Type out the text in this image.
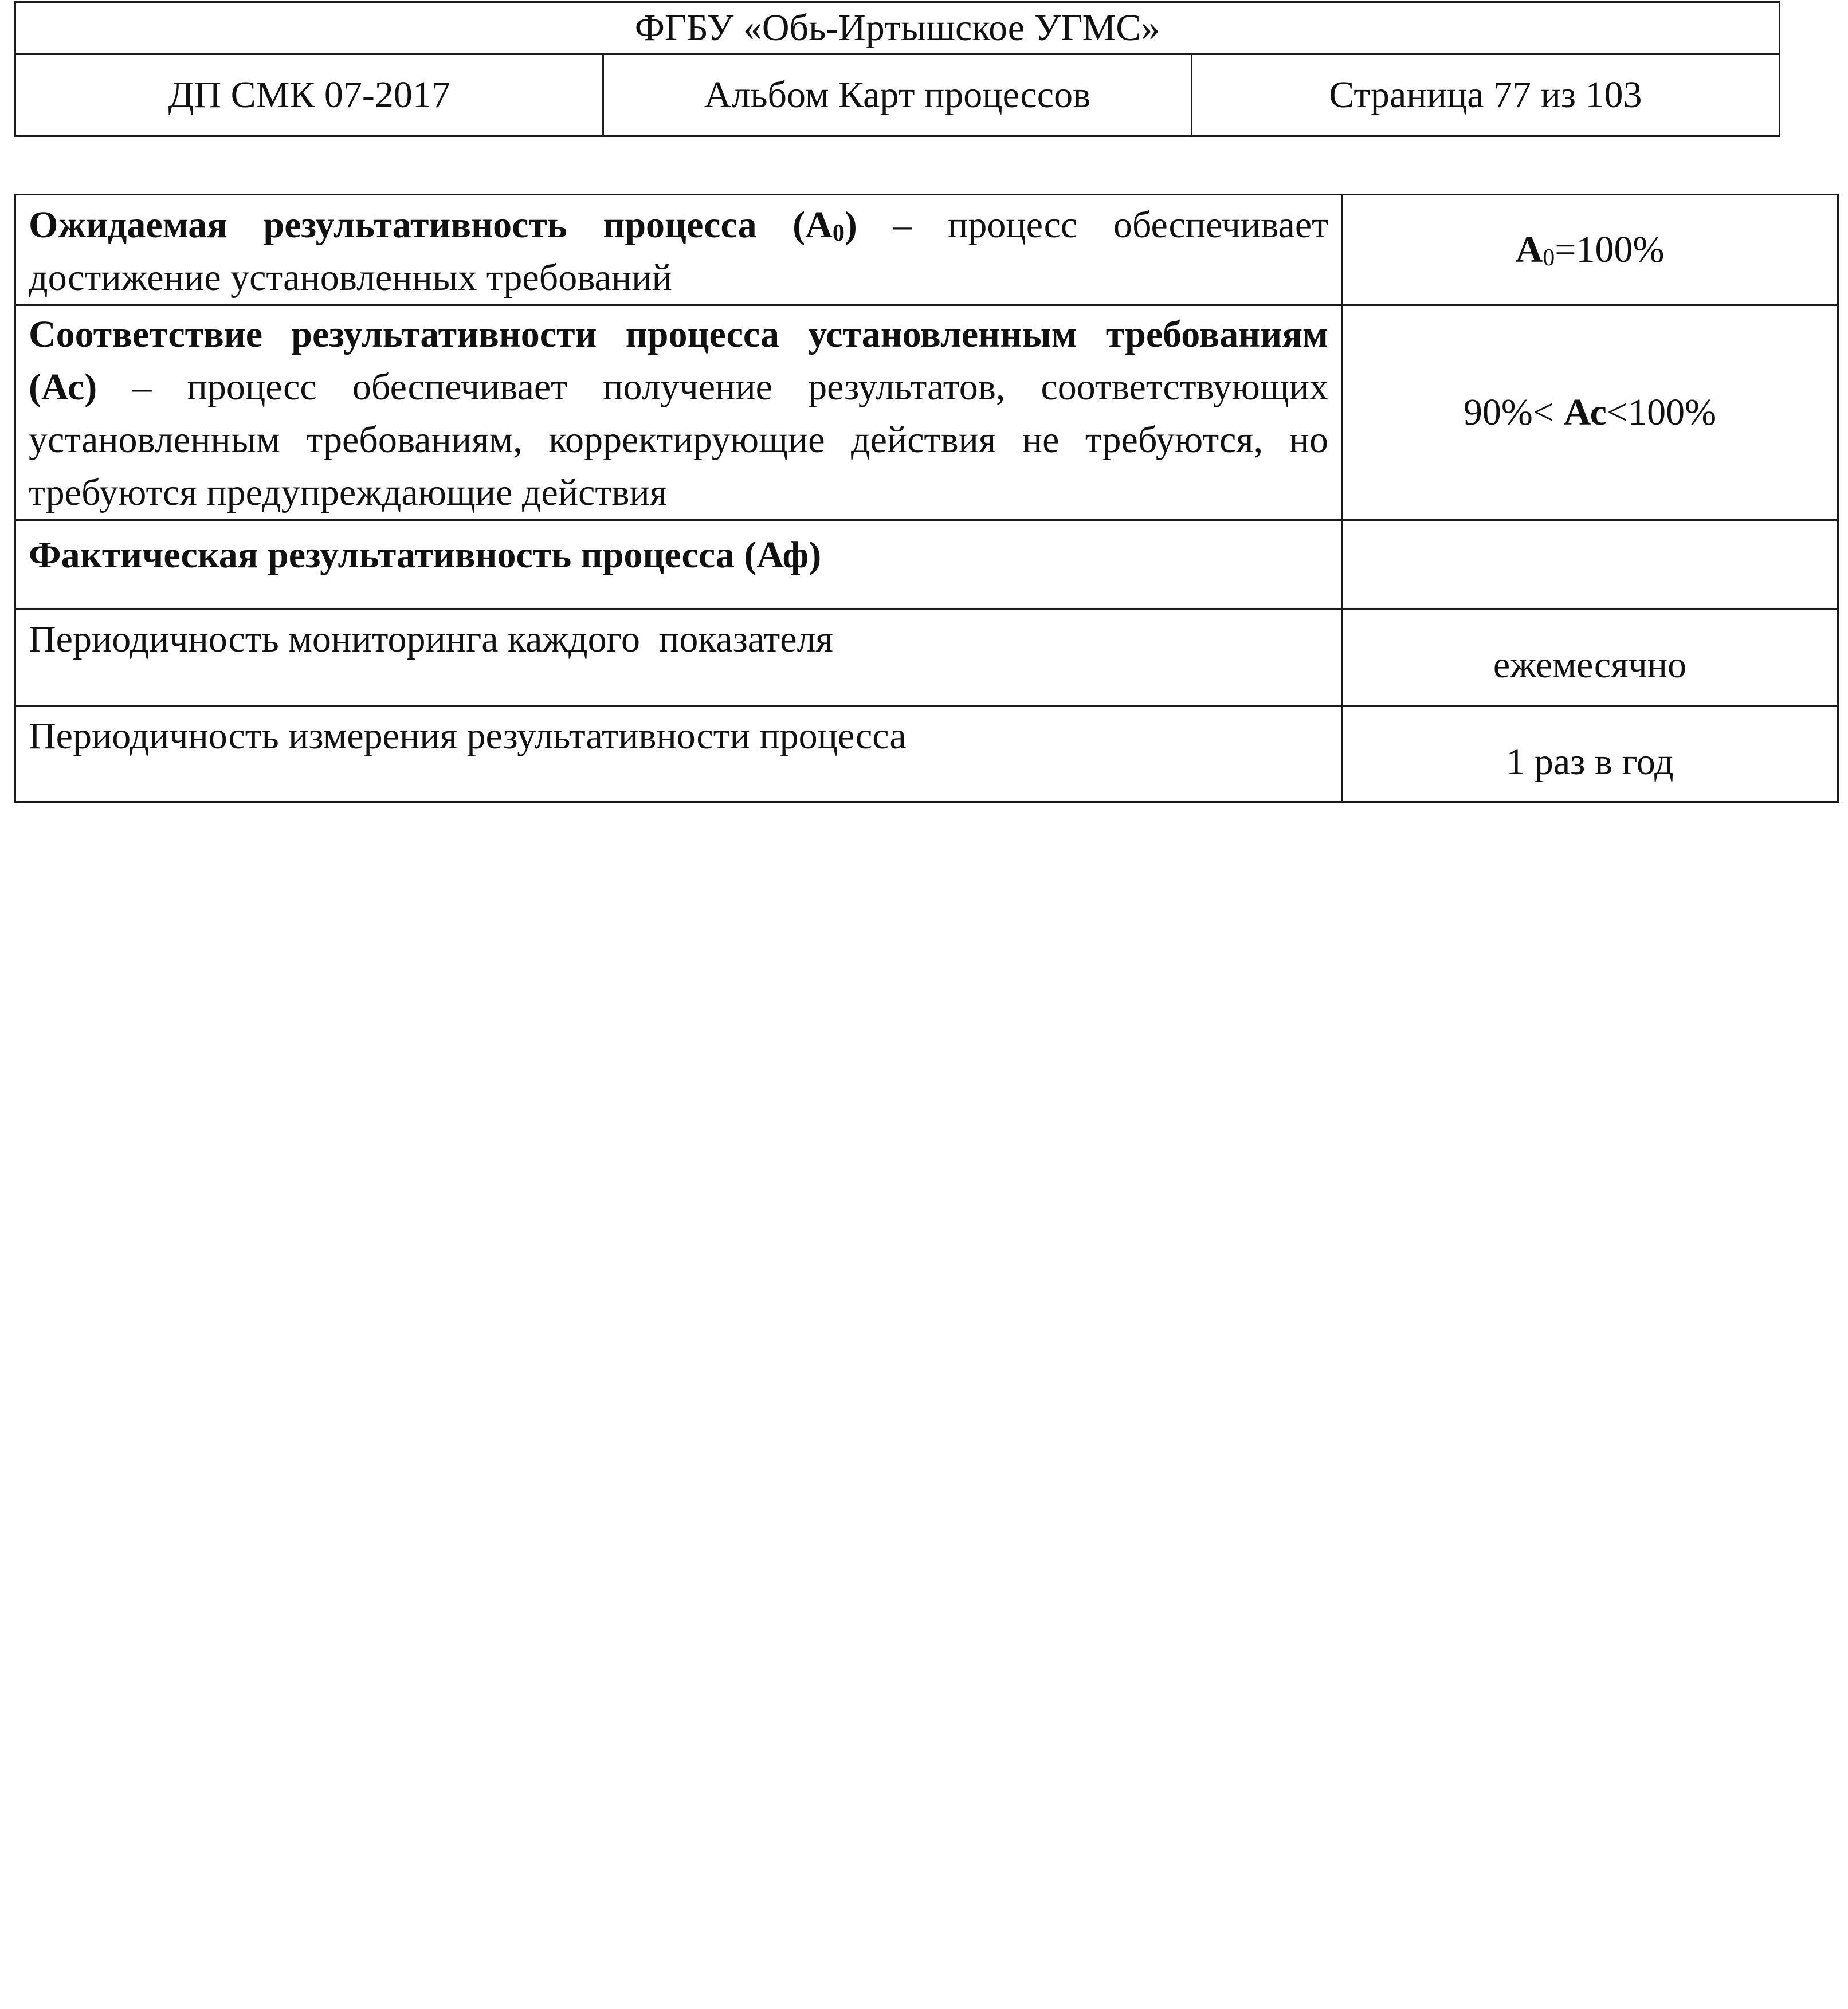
ФГБУ «Обь-Иртышское УГМС»
ДП СМК 07-2017	Альбом Карт процессов	Страница 77 из 103
Ожидаемая результативность процесса $(А_0)$ – процесс обеспечивает достижение установленных требований	$А_0=100\%$
Соответствие результативности процесса установленным требованиям (Ас) – процесс обеспечивает получение результатов, соответствующих установленным требованиям, корректирующие действия не требуются, но требуются предупреждающие действия	90%< Ас<100%
Фактическая результативность процесса (Аф)	
Периодичность мониторинга каждого  показателя	ежемесячно
Периодичность измерения результативности процесса	1 раз в год
